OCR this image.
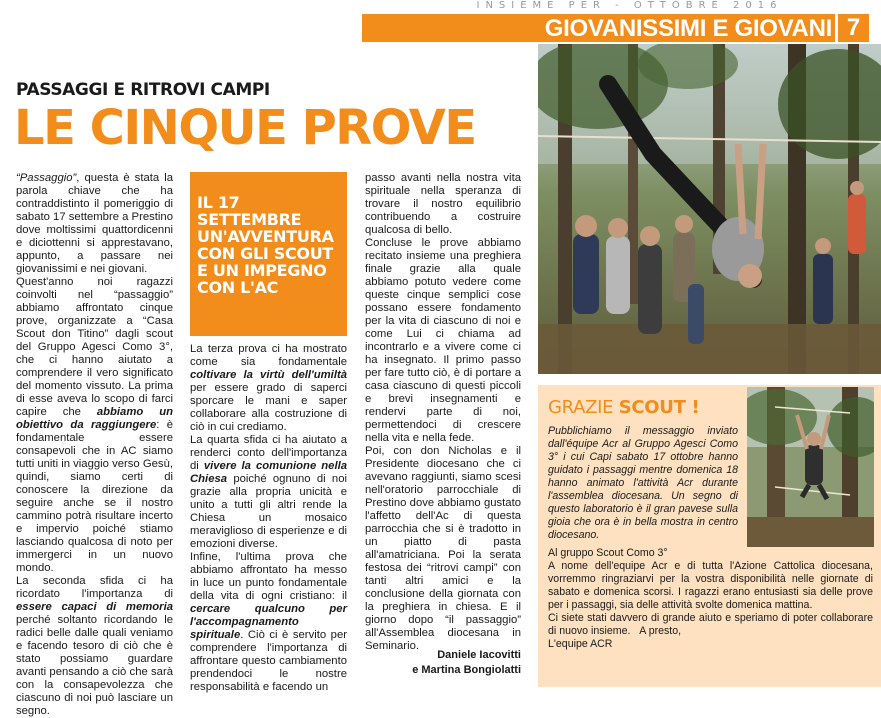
INSIEME PER - OTTOBRE 2016
GIOVANISSIMI E GIOVANI 7
PASSAGGI E RITROVI CAMPI
LE CINQUE PROVE

“Passaggio”, questa è stata la parola chiave che ha contraddistinto il pomeriggio di sabato 17 settembre a Prestino dove moltissimi quattordicenni e diciottenni si apprestavano, appunto, a passare nei giovanissimi e nei giovani.

Quest'anno noi ragazzi coinvolti nel “passaggio” abbiamo affrontato cinque prove, organizzate a “Casa Scout don Titino” dagli scout del Gruppo Agesci Como 3°, che ci hanno aiutato a comprendere il vero significato del momento vissuto. La prima di esse aveva lo scopo di farci capire che abbiamo un obiettivo da raggiungere: è fondamentale essere consapevoli che in AC siamo tutti uniti in viaggio verso Gesù, quindi, siamo certi di conoscere la direzione da seguire anche se il nostro cammino potrà risultare incerto e impervio poiché stiamo lasciando qualcosa di noto per immergerci in un nuovo mondo.

La seconda sfida ci ha ricordato l'importanza di essere capaci di memoria perché soltanto ricordando le radici belle dalle quali veniamo e facendo tesoro di ciò che è stato possiamo guardare avanti pensando a ciò che sarà con la consapevolezza che ciascuno di noi può lasciare un segno.

IL 17 SETTEMBRE UN'AVVENTURA CON GLI SCOUT E UN IMPEGNO CON L'AC

La terza prova ci ha mostrato come sia fondamentale coltivare la virtù dell'umiltà per essere grado di saperci sporcare le mani e saper collaborare alla costruzione di ciò in cui crediamo.

La quarta sfida ci ha aiutato a renderci conto dell'importanza di vivere la comunione nella Chiesa poiché ognuno di noi grazie alla propria unicità e unito a tutti gli altri rende la Chiesa un mosaico meraviglioso di esperienze e di emozioni diverse.

Infine, l'ultima prova che abbiamo affrontato ha messo in luce un punto fondamentale della vita di ogni cristiano: il cercare qualcuno per l'accompagnamento spirituale. Ciò ci è servito per comprendere l'importanza di affrontare questo cambiamento prendendoci le nostre responsabilità e facendo un

passo avanti nella nostra vita spirituale nella speranza di trovare il nostro equilibrio contribuendo a costruire qualcosa di bello.

Concluse le prove abbiamo recitato insieme una preghiera finale grazie alla quale abbiamo potuto vedere come queste cinque semplici cose possano essere fondamento per la vita di ciascuno di noi e come Lui ci chiama ad incontrarlo e a vivere come ci ha insegnato. Il primo passo per fare tutto ciò, è di portare a casa ciascuno di questi piccoli e brevi insegnamenti e rendervi parte di noi, permettendoci di crescere nella vita e nella fede.

Poi, con don Nicholas e il Presidente diocesano che ci avevano raggiunti, siamo scesi nell'oratorio parrocchiale di Prestino dove abbiamo gustato l'affetto dell'Ac di questa parrocchia che si è tradotto in un piatto di pasta all'amatriciana. Poi la serata festosa dei “ritrovi campi” con tanti altri amici e la conclusione della giornata con la preghiera in chiesa. E il giorno dopo “il passaggio” all'Assemblea diocesana in Seminario.

Daniele Iacovitti
e Martina Bongiolatti
GRAZIE SCOUT !
Pubblichiamo il messaggio inviato dall'équipe Acr al Gruppo Agesci Como 3° i cui Capi sabato 17 ottobre hanno guidato i passaggi mentre domenica 18 hanno animato l'attività Acr durante l'assemblea diocesana. Un segno di questo laboratorio è il gran pavese sulla gioia che ora è in bella mostra in centro diocesano.

Al gruppo Scout Como 3°

A nome dell'equipe Acr e di tutta l'Azione Cattolica diocesana, vorremmo ringraziarvi per la vostra disponibilità nelle giornate di sabato e domenica scorsi. I ragazzi erano entusiasti sia delle prove per i passaggi, sia delle attività svolte domenica mattina.

Ci siete stati davvero di grande aiuto e speriamo di poter collaborare di nuovo insieme.   A presto,

L'equipe ACR
